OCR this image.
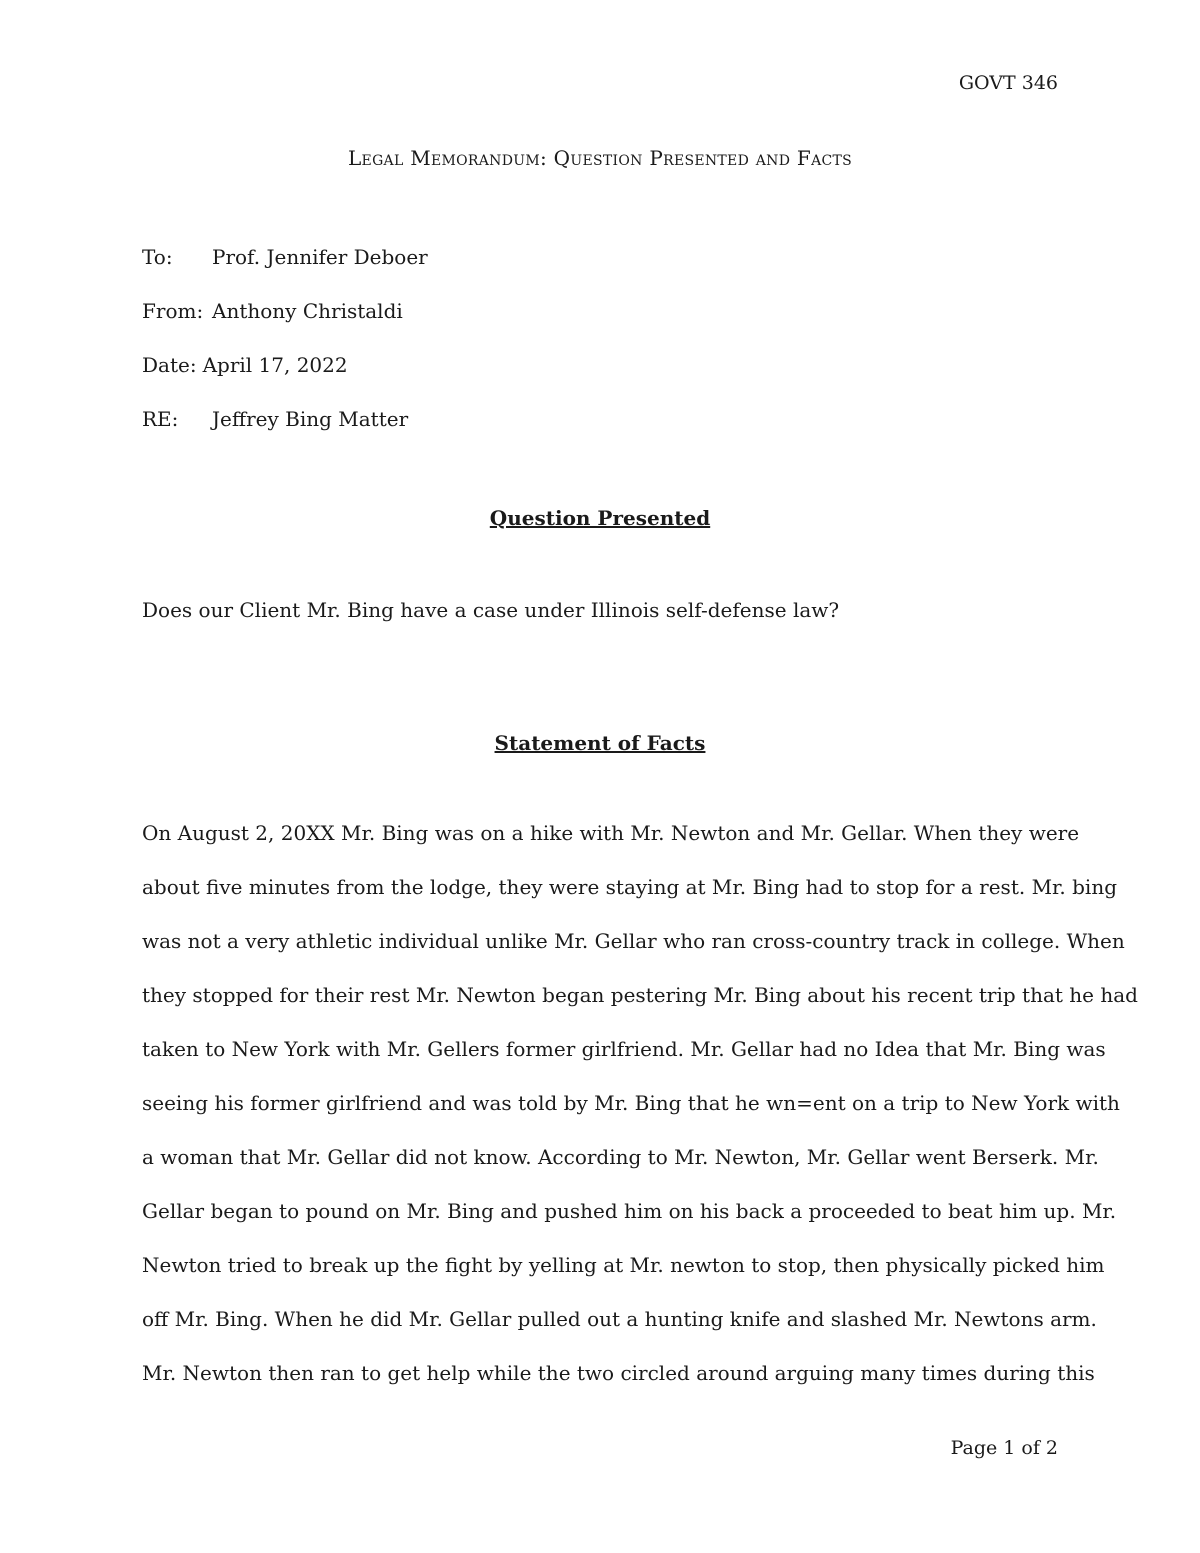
GOVT 346
Legal Memorandum: Question Presented and Facts
To: Prof. Jennifer Deboer
From: Anthony Christaldi
Date: April 17, 2022
RE: Jeffrey Bing Matter
Question Presented
Does our Client Mr. Bing have a case under Illinois self-defense law?
Statement of Facts
On August 2, 20XX Mr. Bing was on a hike with Mr. Newton and Mr. Gellar. When they were
about five minutes from the lodge, they were staying at Mr. Bing had to stop for a rest. Mr. bing
was not a very athletic individual unlike Mr. Gellar who ran cross-country track in college. When
they stopped for their rest Mr. Newton began pestering Mr. Bing about his recent trip that he had
taken to New York with Mr. Gellers former girlfriend. Mr. Gellar had no Idea that Mr. Bing was
seeing his former girlfriend and was told by Mr. Bing that he wn=ent on a trip to New York with
a woman that Mr. Gellar did not know. According to Mr. Newton, Mr. Gellar went Berserk. Mr.
Gellar began to pound on Mr. Bing and pushed him on his back a proceeded to beat him up. Mr.
Newton tried to break up the fight by yelling at Mr. newton to stop, then physically picked him
off Mr. Bing. When he did Mr. Gellar pulled out a hunting knife and slashed Mr. Newtons arm.
Mr. Newton then ran to get help while the two circled around arguing many times during this
Page 1 of 2
